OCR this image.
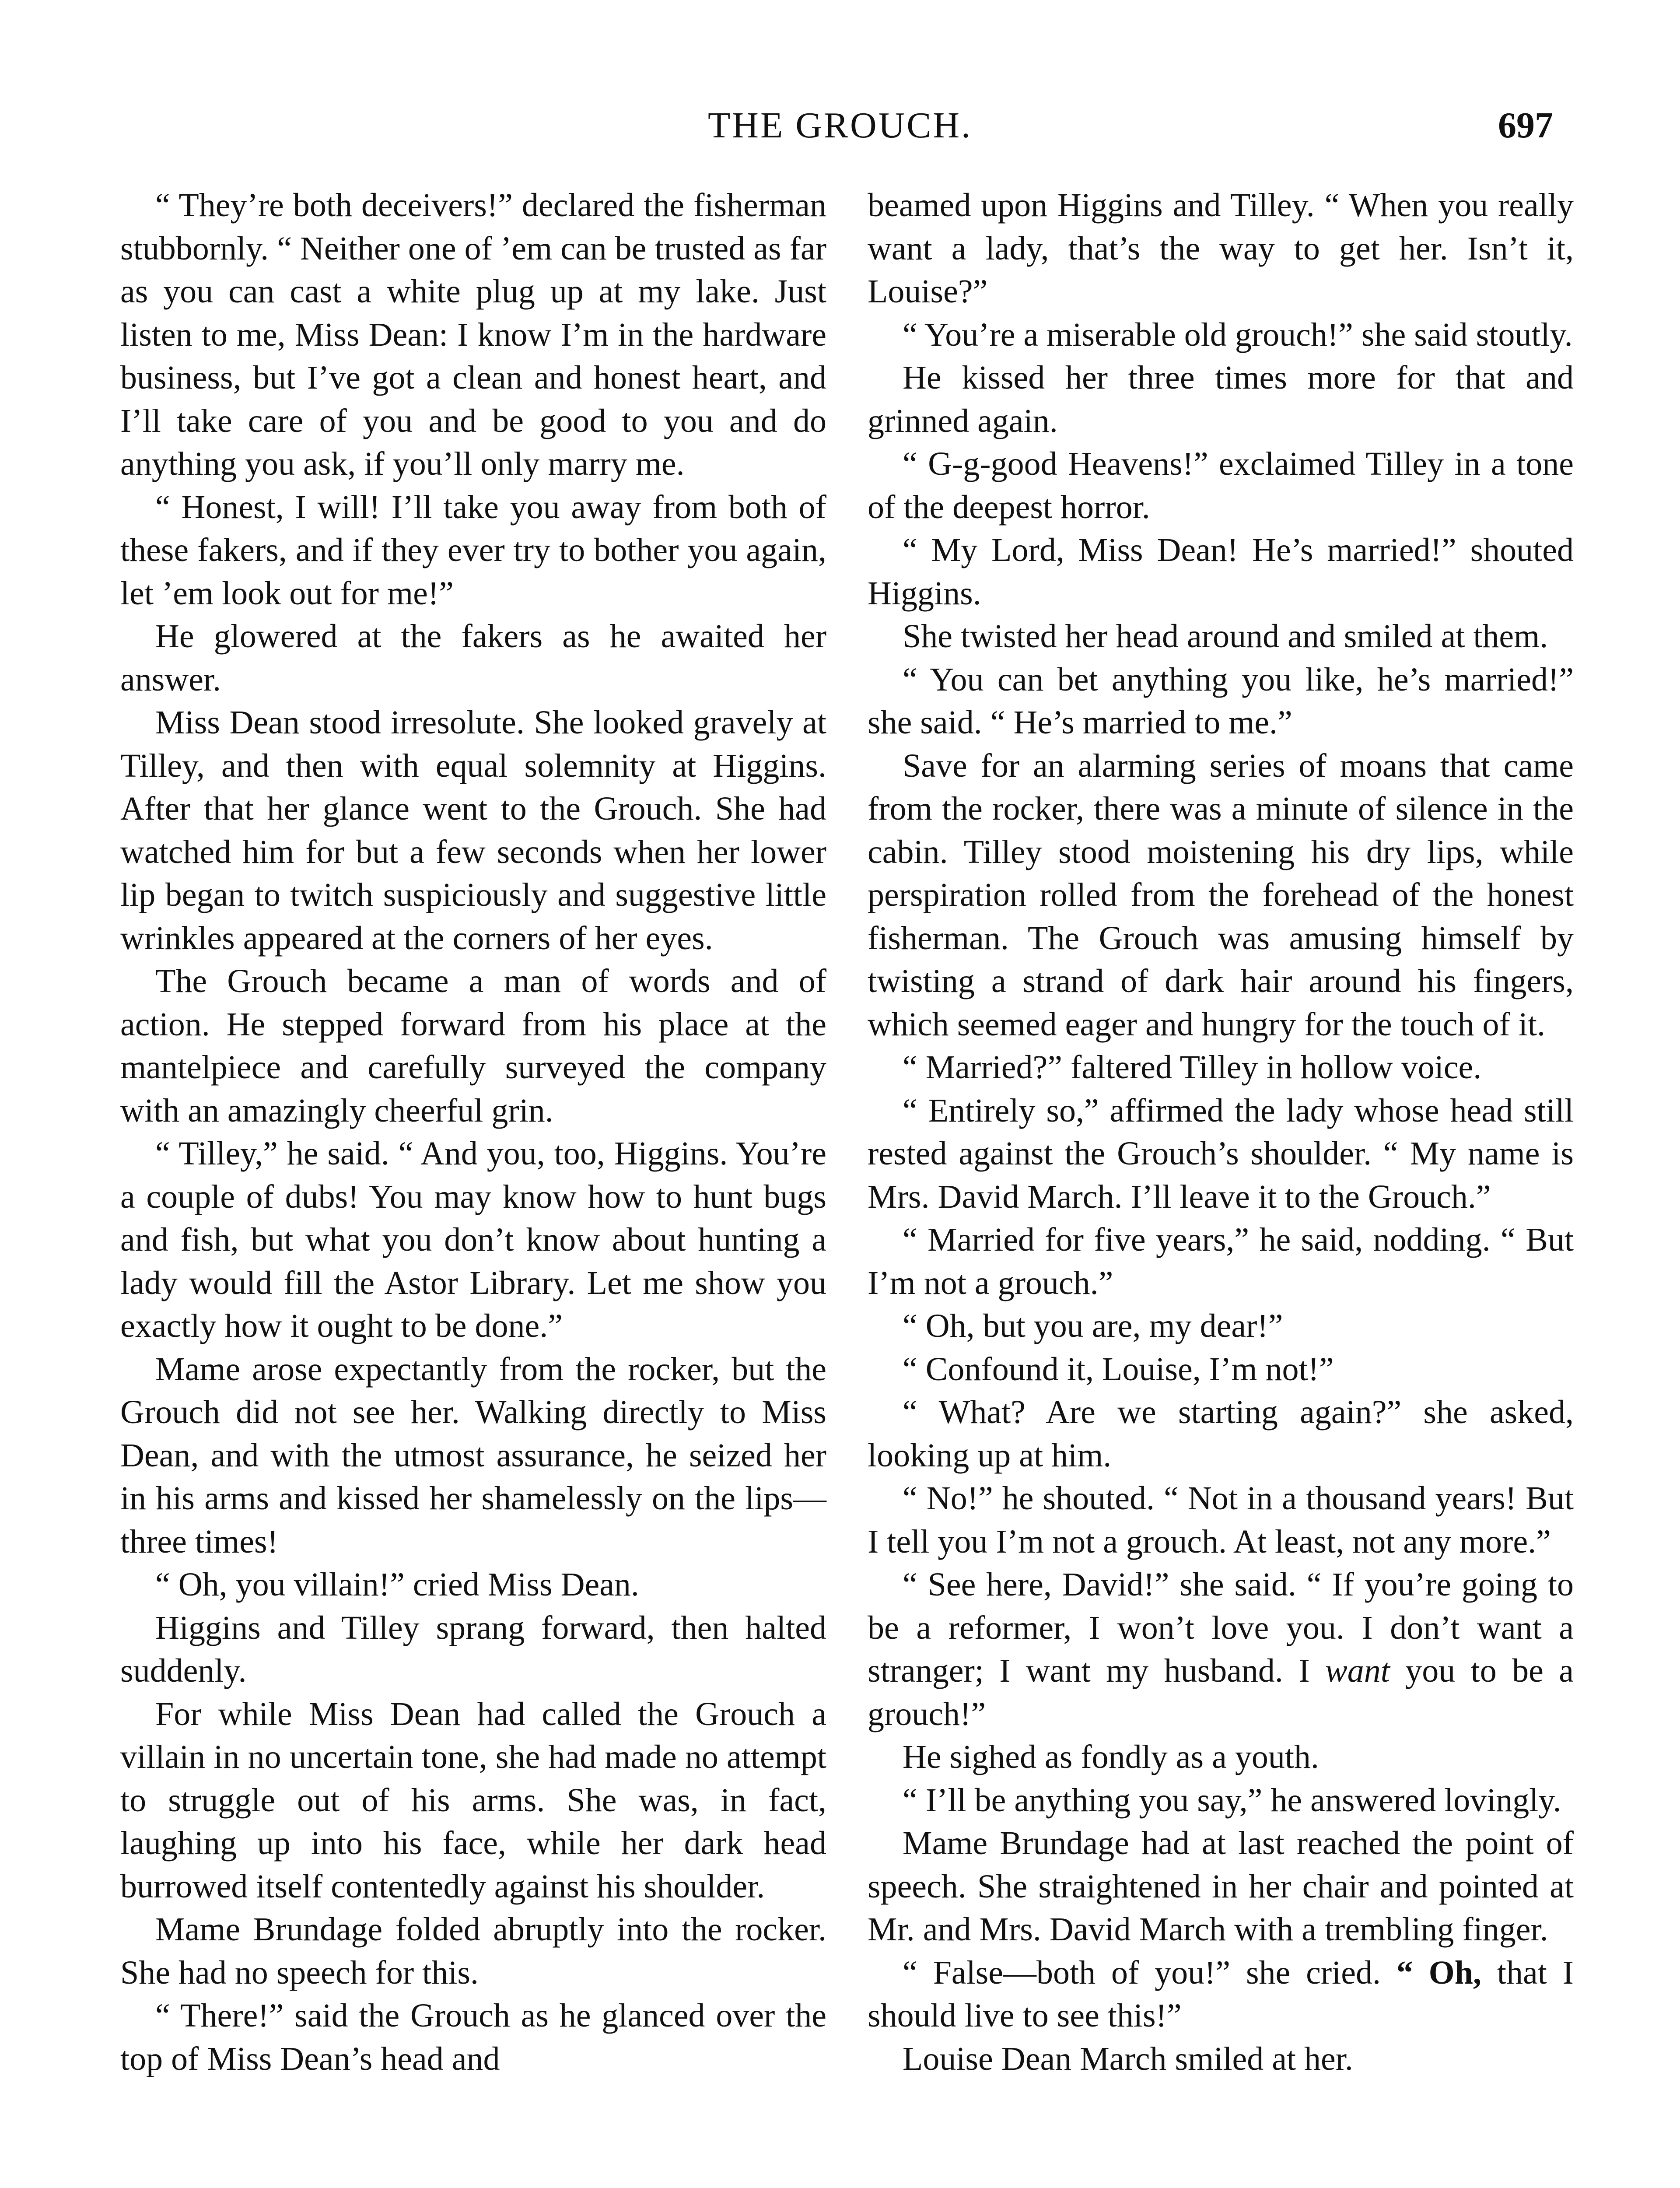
THE GROUCH.	697

“ They’re both deceivers!” declared the fisherman stubbornly. “ Neither one of ’em can be trusted as far as you can cast a white plug up at my lake. Just listen to me, Miss Dean: I know I’m in the hardware business, but I’ve got a clean and honest heart, and I’ll take care of you and be good to you and do anything you ask, if you’ll only marry me.

“ Honest, I will! I’ll take you away from both of these fakers, and if they ever try to bother you again, let ’em look out for me!”

He glowered at the fakers as he awaited her answer.

Miss Dean stood irresolute. She looked gravely at Tilley, and then with equal solemnity at Higgins. After that her glance went to the Grouch. She had watched him for but a few seconds when her lower lip began to twitch suspiciously and suggestive little wrinkles appeared at the corners of her eyes.

The Grouch became a man of words and of action. He stepped forward from his place at the mantelpiece and carefully surveyed the company with an amazingly cheerful grin.

“ Tilley,” he said. “ And you, too, Higgins. You’re a couple of dubs! You may know how to hunt bugs and fish, but what you don’t know about hunting a lady would fill the Astor Library. Let me show you exactly how it ought to be done.”

Mame arose expectantly from the rocker, but the Grouch did not see her. Walking directly to Miss Dean, and with the utmost assurance, he seized her in his arms and kissed her shamelessly on the lips—three times!

“ Oh, you villain!” cried Miss Dean.

Higgins and Tilley sprang forward, then halted suddenly.

For while Miss Dean had called the Grouch a villain in no uncertain tone, she had made no attempt to struggle out of his arms. She was, in fact, laughing up into his face, while her dark head burrowed itself contentedly against his shoulder.

Mame Brundage folded abruptly into the rocker. She had no speech for this.

“ There!” said the Grouch as he glanced over the top of Miss Dean’s head and

beamed upon Higgins and Tilley. “ When you really want a lady, that’s the way to get her. Isn’t it, Louise?”

“ You’re a miserable old grouch!” she said stoutly.

He kissed her three times more for that and grinned again.

“ G-g-good Heavens!” exclaimed Tilley in a tone of the deepest horror.

“ My Lord, Miss Dean! He’s married!” shouted Higgins.

She twisted her head around and smiled at them.

“ You can bet anything you like, he’s married!” she said. “ He’s married to me.”

Save for an alarming series of moans that came from the rocker, there was a minute of silence in the cabin. Tilley stood moistening his dry lips, while perspiration rolled from the forehead of the honest fisherman. The Grouch was amusing himself by twisting a strand of dark hair around his fingers, which seemed eager and hungry for the touch of it.

“ Married?” faltered Tilley in hollow voice.

“ Entirely so,” affirmed the lady whose head still rested against the Grouch’s shoulder. “ My name is Mrs. David March. I’ll leave it to the Grouch.”

“ Married for five years,” he said, nodding. “ But I’m not a grouch.”

“ Oh, but you are, my dear!”

“ Confound it, Louise, I’m not!”

“ What? Are we starting again?” she asked, looking up at him.

“ No!” he shouted. “ Not in a thousand years! But I tell you I’m not a grouch. At least, not any more.”

“ See here, David!” she said. “ If you’re going to be a reformer, I won’t love you. I don’t want a stranger; I want my husband. I want you to be a grouch!”

He sighed as fondly as a youth.

“ I’ll be anything you say,” he answered lovingly.

Mame Brundage had at last reached the point of speech. She straightened in her chair and pointed at Mr. and Mrs. David March with a trembling finger.

“ False—both of you!” she cried. “ Oh, that I should live to see this!”

Louise Dean March smiled at her.
